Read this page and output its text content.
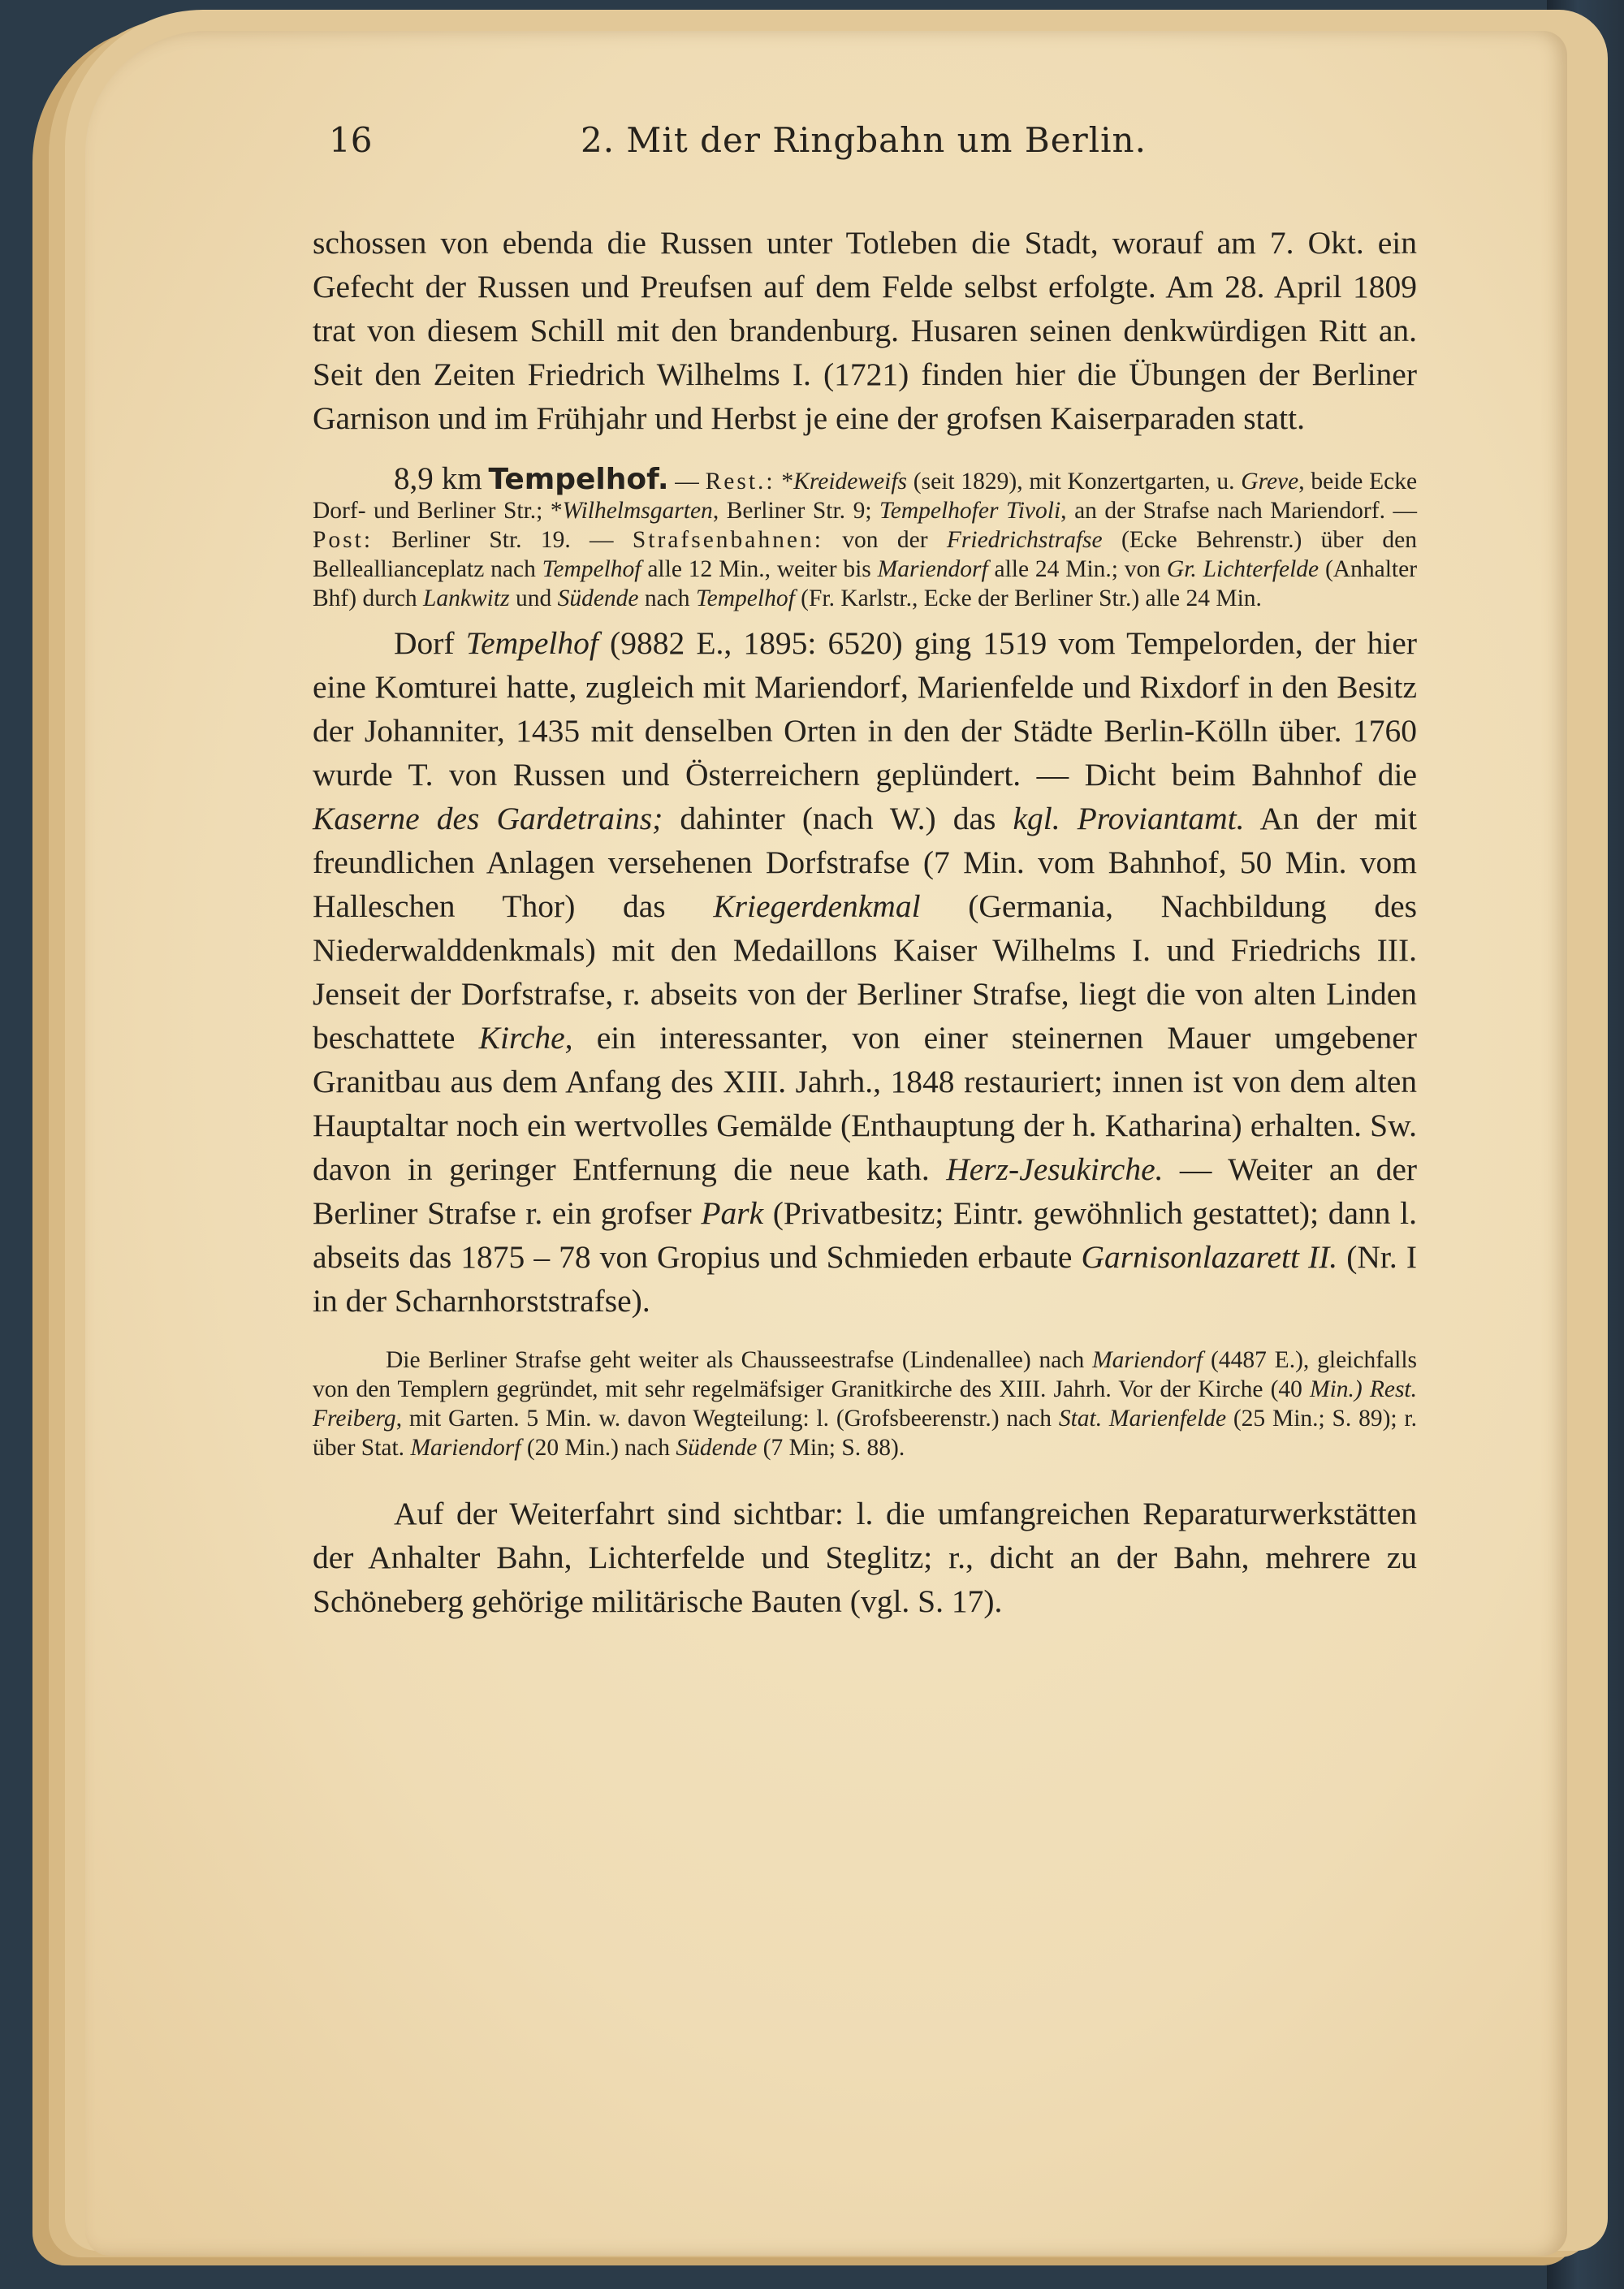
16	2. Mit der Ringbahn um Berlin.

schossen von ebenda die Russen unter Totleben die Stadt, worauf am 7. Okt. ein Gefecht der Russen und Preufsen auf dem Felde selbst erfolgte. Am 28. April 1809 trat von diesem Schill mit den brandenburg. Husaren seinen denkwürdigen Ritt an. Seit den Zeiten Friedrich Wilhelms I. (1721) finden hier die Übungen der Berliner Garnison und im Frühjahr und Herbst je eine der grofsen Kaiserparaden statt.

8,9 km Tempelhof. — Rest.: *Kreideweifs (seit 1829), mit Konzertgarten, u. Greve, beide Ecke Dorf- und Berliner Str.; *Wilhelmsgarten, Berliner Str. 9; Tempelhofer Tivoli, an der Strafse nach Mariendorf. — Post: Berliner Str. 19. — Strafsenbahnen: von der Friedrichstrafse (Ecke Behrenstr.) über den Belleallianceplatz nach Tempelhof alle 12 Min., weiter bis Mariendorf alle 24 Min.; von Gr. Lichterfelde (Anhalter Bhf) durch Lankwitz und Südende nach Tempelhof (Fr. Karlstr., Ecke der Berliner Str.) alle 24 Min.

Dorf Tempelhof (9882 E., 1895: 6520) ging 1519 vom Tempelorden, der hier eine Komturei hatte, zugleich mit Mariendorf, Marienfelde und Rixdorf in den Besitz der Johanniter, 1435 mit denselben Orten in den der Städte Berlin-Kölln über. 1760 wurde T. von Russen und Österreichern geplündert. — Dicht beim Bahnhof die Kaserne des Gardetrains; dahinter (nach W.) das kgl. Proviantamt. An der mit freundlichen Anlagen versehenen Dorfstrafse (7 Min. vom Bahnhof, 50 Min. vom Halleschen Thor) das Kriegerdenkmal (Germania, Nachbildung des Niederwalddenkmals) mit den Medaillons Kaiser Wilhelms I. und Friedrichs III. Jenseit der Dorfstrafse, r. abseits von der Berliner Strafse, liegt die von alten Linden beschattete Kirche, ein interessanter, von einer steinernen Mauer umgebener Granitbau aus dem Anfang des XIII. Jahrh., 1848 restauriert; innen ist von dem alten Hauptaltar noch ein wertvolles Gemälde (Enthauptung der h. Katharina) erhalten. Sw. davon in geringer Entfernung die neue kath. Herz-Jesukirche. — Weiter an der Berliner Strafse r. ein grofser Park (Privatbesitz; Eintr. gewöhnlich gestattet); dann l. abseits das 1875 – 78 von Gropius und Schmieden erbaute Garnisonlazarett II. (Nr. I in der Scharnhorststrafse).

Die Berliner Strafse geht weiter als Chausseestrafse (Lindenallee) nach Mariendorf (4487 E.), gleichfalls von den Templern gegründet, mit sehr regelmäfsiger Granitkirche des XIII. Jahrh. Vor der Kirche (40 Min.) Rest. Freiberg, mit Garten. 5 Min. w. davon Wegteilung: l. (Grofsbeerenstr.) nach Stat. Marienfelde (25 Min.; S. 89); r. über Stat. Mariendorf (20 Min.) nach Südende (7 Min; S. 88).

Auf der Weiterfahrt sind sichtbar: l. die umfangreichen Reparaturwerkstätten der Anhalter Bahn, Lichterfelde und Steglitz; r., dicht an der Bahn, mehrere zu Schöneberg gehörige militärische Bauten (vgl. S. 17).
